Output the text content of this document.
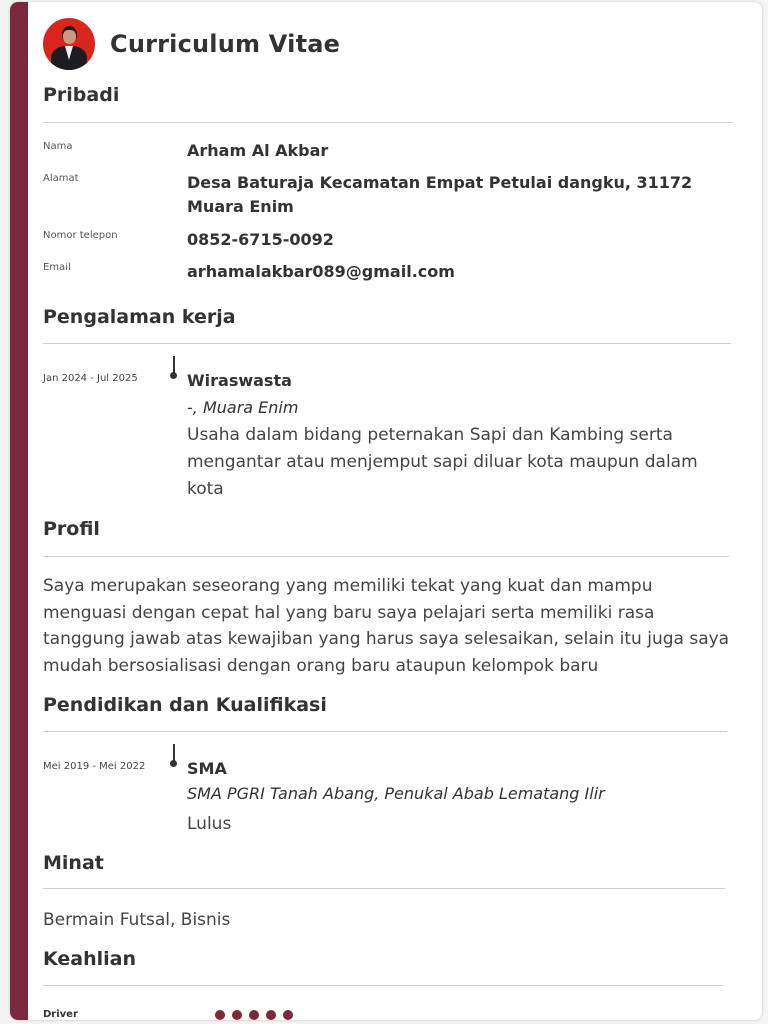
Curriculum Vitae
Pribadi
Nama	Arham Al Akbar
Alamat	Desa Baturaja Kecamatan Empat Petulai dangku, 31172 Muara Enim
Nomor telepon	0852-6715-0092
Email	arhamalakbar089@gmail.com
Pengalaman kerja
Jan 2024 - Jul 2025	Wiraswasta
-, Muara Enim
Usaha dalam bidang peternakan Sapi dan Kambing serta mengantar atau menjemput sapi diluar kota maupun dalam kota
Profil
Saya merupakan seseorang yang memiliki tekat yang kuat dan mampu menguasi dengan cepat hal yang baru saya pelajari serta memiliki rasa tanggung jawab atas kewajiban yang harus saya selesaikan, selain itu juga saya mudah bersosialisasi dengan orang baru ataupun kelompok baru
Pendidikan dan Kualifikasi
Mei 2019 - Mei 2022	SMA
SMA PGRI Tanah Abang, Penukal Abab Lematang Ilir
Lulus
Minat
Bermain Futsal, Bisnis
Keahlian
Driver
